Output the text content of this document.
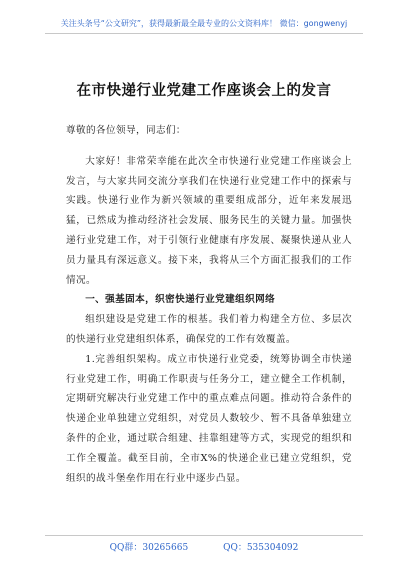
关注头条号“公文研究”，获得最新最全最专业的公文资料库！ 微信：gongwenyj
在市快递行业党建工作座谈会上的发言

尊敬的各位领导，同志们：

大家好！非常荣幸能在此次全市快递行业党建工作座谈会上发言，与大家共同交流分享我们在快递行业党建工作中的探索与实践。快递行业作为新兴领域的重要组成部分，近年来发展迅猛，已然成为推动经济社会发展、服务民生的关键力量。加强快递行业党建工作，对于引领行业健康有序发展、凝聚快递从业人员力量具有深远意义。接下来，我将从三个方面汇报我们的工作情况。

一、强基固本，织密快递行业党建组织网络

组织建设是党建工作的根基。我们着力构建全方位、多层次的快递行业党建组织体系，确保党的工作有效覆盖。

1.完善组织架构。成立市快递行业党委，统筹协调全市快递行业党建工作，明确工作职责与任务分工，建立健全工作机制，定期研究解决行业党建工作中的重点难点问题。推动符合条件的快递企业单独建立党组织，对党员人数较少、暂不具备单独建立条件的企业，通过联合组建、挂靠组建等方式，实现党的组织和工作全覆盖。截至目前，全市X%的快递企业已建立党组织，党组织的战斗堡垒作用在行业中逐步凸显。

QQ群：30265665	QQ：535304092
